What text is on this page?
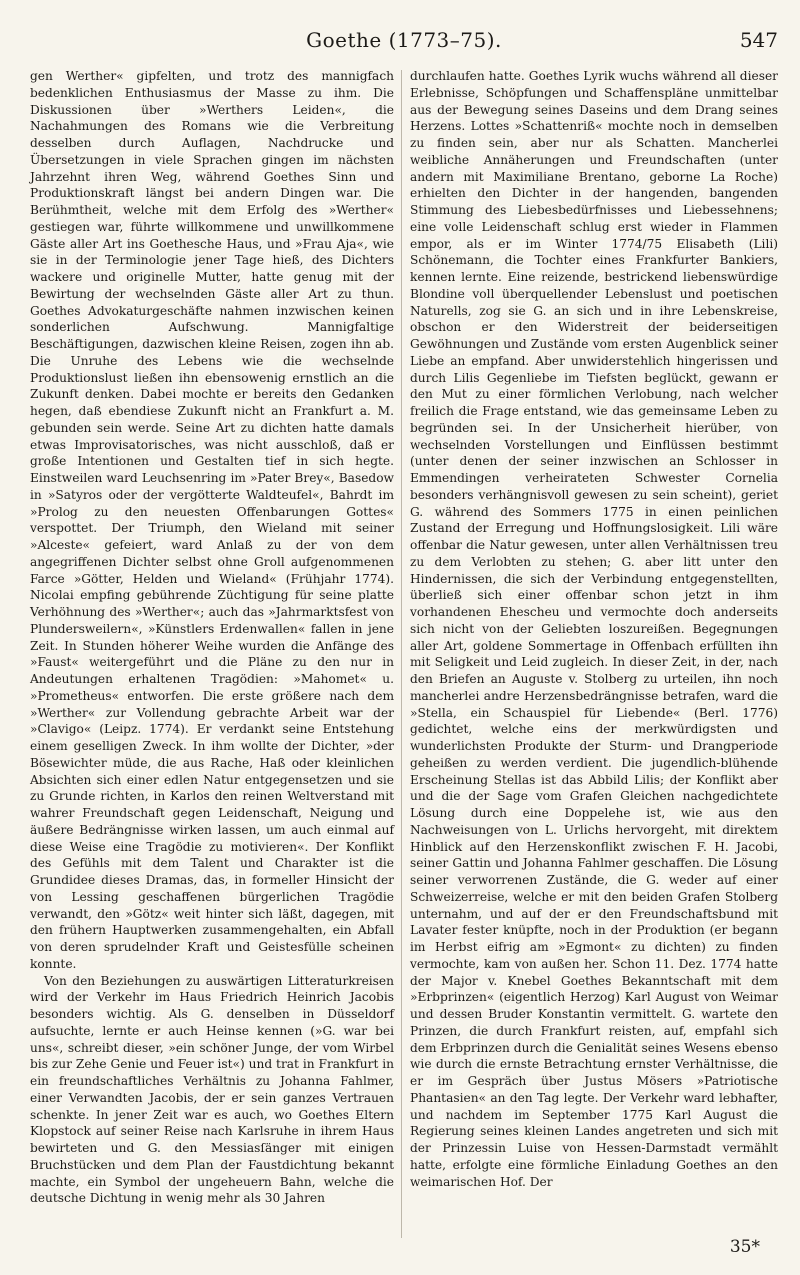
Goethe (1773–75).	547

gen Werther« gipfelten, und trotz des mannigfach bedenklichen Enthusiasmus der Masse zu ihm. Die Diskussionen über »Werthers Leiden«, die Nachahmungen des Romans wie die Verbreitung desselben durch Auflagen, Nachdrucke und Übersetzungen in viele Sprachen gingen im nächsten Jahrzehnt ihren Weg, während Goethes Sinn und Produktionskraft längst bei andern Dingen war. Die Berühmtheit, welche mit dem Erfolg des »Werther« gestiegen war, führte willkommene und unwillkommene Gäste aller Art ins Goethesche Haus, und »Frau Aja«, wie sie in der Terminologie jener Tage hieß, des Dichters wackere und originelle Mutter, hatte genug mit der Bewirtung der wechselnden Gäste aller Art zu thun. Goethes Advokaturgeschäfte nahmen inzwischen keinen sonderlichen Aufschwung. Mannigfaltige Beschäftigungen, dazwischen kleine Reisen, zogen ihn ab. Die Unruhe des Lebens wie die wechselnde Produktionslust ließen ihn ebensowenig ernstlich an die Zukunft denken. Dabei mochte er bereits den Gedanken hegen, daß ebendiese Zukunft nicht an Frankfurt a. M. gebunden sein werde. Seine Art zu dichten hatte damals etwas Improvisatorisches, was nicht ausschloß, daß er große Intentionen und Gestalten tief in sich hegte. Einstweilen ward Leuchsenring im »Pater Brey«, Basedow in »Satyros oder der vergötterte Waldteufel«, Bahrdt im »Prolog zu den neuesten Offenbarungen Gottes« verspottet. Der Triumph, den Wieland mit seiner »Alceste« gefeiert, ward Anlaß zu der von dem angegriffenen Dichter selbst ohne Groll aufgenommenen Farce »Götter, Helden und Wieland« (Frühjahr 1774). Nicolai empfing gebührende Züchtigung für seine platte Verhöhnung des »Werther«; auch das »Jahrmarktsfest von Plundersweilern«, »Künstlers Erdenwallen« fallen in jene Zeit. In Stunden höherer Weihe wurden die Anfänge des »Faust« weitergeführt und die Pläne zu den nur in Andeutungen erhaltenen Tragödien: »Mahomet« u. »Prometheus« entworfen. Die erste größere nach dem »Werther« zur Vollendung gebrachte Arbeit war der »Clavigo« (Leipz. 1774). Er verdankt seine Entstehung einem geselligen Zweck. In ihm wollte der Dichter, »der Bösewichter müde, die aus Rache, Haß oder kleinlichen Absichten sich einer edlen Natur entgegensetzen und sie zu Grunde richten, in Karlos den reinen Weltverstand mit wahrer Freundschaft gegen Leidenschaft, Neigung und äußere Bedrängnisse wirken lassen, um auch einmal auf diese Weise eine Tragödie zu motivieren«. Der Konflikt des Gefühls mit dem Talent und Charakter ist die Grundidee dieses Dramas, das, in formeller Hinsicht der von Lessing geschaffenen bürgerlichen Tragödie verwandt, den »Götz« weit hinter sich läßt, dagegen, mit den frühern Hauptwerken zusammengehalten, ein Abfall von deren sprudelnder Kraft und Geistesfülle scheinen konnte.

Von den Beziehungen zu auswärtigen Litteraturkreisen wird der Verkehr im Haus Friedrich Heinrich Jacobis besonders wichtig. Als G. denselben in Düsseldorf aufsuchte, lernte er auch Heinse kennen (»G. war bei uns«, schreibt dieser, »ein schöner Junge, der vom Wirbel bis zur Zehe Genie und Feuer ist«) und trat in Frankfurt in ein freundschaftliches Verhältnis zu Johanna Fahlmer, einer Verwandten Jacobis, der er sein ganzes Vertrauen schenkte. In jener Zeit war es auch, wo Goethes Eltern Klopstock auf seiner Reise nach Karlsruhe in ihrem Haus bewirteten und G. den Messiasſänger mit einigen Bruchstücken und dem Plan der Faustdichtung bekannt machte, ein Symbol der ungeheuern Bahn, welche die deutsche Dichtung in wenig mehr als 30 Jahren

durchlaufen hatte. Goethes Lyrik wuchs während all dieser Erlebnisse, Schöpfungen und Schaffenspläne unmittelbar aus der Bewegung seines Daseins und dem Drang seines Herzens. Lottes »Schattenriß« mochte noch in demselben zu finden sein, aber nur als Schatten. Mancherlei weibliche Annäherungen und Freundschaften (unter andern mit Maximiliane Brentano, geborne La Roche) erhielten den Dichter in der hangenden, bangenden Stimmung des Liebesbedürfnisses und Liebessehnens; eine volle Leidenschaft schlug erst wieder in Flammen empor, als er im Winter 1774/75 Elisabeth (Lili) Schönemann, die Tochter eines Frankfurter Bankiers, kennen lernte. Eine reizende, bestrickend liebenswürdige Blondine voll überquellender Lebenslust und poetischen Naturells, zog sie G. an sich und in ihre Lebenskreise, obschon er den Widerstreit der beiderseitigen Gewöhnungen und Zustände vom ersten Augenblick seiner Liebe an empfand. Aber unwiderstehlich hingerissen und durch Lilis Gegenliebe im Tiefsten beglückt, gewann er den Mut zu einer förmlichen Verlobung, nach welcher freilich die Frage entstand, wie das gemeinsame Leben zu begründen sei. In der Unsicherheit hierüber, von wechselnden Vorstellungen und Einflüssen bestimmt (unter denen der seiner inzwischen an Schlosser in Emmendingen verheirateten Schwester Cornelia besonders verhängnisvoll gewesen zu sein scheint), geriet G. während des Sommers 1775 in einen peinlichen Zustand der Erregung und Hoffnungslosigkeit. Lili wäre offenbar die Natur gewesen, unter allen Verhältnissen treu zu dem Verlobten zu stehen; G. aber litt unter den Hindernissen, die sich der Verbindung entgegenstellten, überließ sich einer offenbar schon jetzt in ihm vorhandenen Ehescheu und vermochte doch anderseits sich nicht von der Geliebten loszureißen. Begegnungen aller Art, goldene Sommertage in Offenbach erfüllten ihn mit Seligkeit und Leid zugleich. In dieser Zeit, in der, nach den Briefen an Auguste v. Stolberg zu urteilen, ihn noch mancherlei andre Herzensbedrängnisse betrafen, ward die »Stella, ein Schauspiel für Liebende« (Berl. 1776) gedichtet, welche eins der merkwürdigsten und wunderlichsten Produkte der Sturm- und Drangperiode geheißen zu werden verdient. Die jugendlich-blühende Erscheinung Stellas ist das Abbild Lilis; der Konflikt aber und die der Sage vom Grafen Gleichen nachgedichtete Lösung durch eine Doppelehe ist, wie aus den Nachweisungen von L. Urlichs hervorgeht, mit direktem Hinblick auf den Herzenskonflikt zwischen F. H. Jacobi, seiner Gattin und Johanna Fahlmer geschaffen. Die Lösung seiner verworrenen Zustände, die G. weder auf einer Schweizerreise, welche er mit den beiden Grafen Stolberg unternahm, und auf der er den Freundschaftsbund mit Lavater fester knüpfte, noch in der Produktion (er begann im Herbst eifrig am »Egmont« zu dichten) zu finden vermochte, kam von außen her. Schon 11. Dez. 1774 hatte der Major v. Knebel Goethes Bekanntschaft mit dem »Erbprinzen« (eigentlich Herzog) Karl August von Weimar und dessen Bruder Konstantin vermittelt. G. wartete den Prinzen, die durch Frankfurt reisten, auf, empfahl sich dem Erbprinzen durch die Genialität seines Wesens ebenso wie durch die ernste Betrachtung ernster Verhältnisse, die er im Gespräch über Justus Mösers »Patriotische Phantasien« an den Tag legte. Der Verkehr ward lebhafter, und nachdem im September 1775 Karl August die Regierung seines kleinen Landes angetreten und sich mit der Prinzessin Luise von Hessen-Darmstadt vermählt hatte, erfolgte eine förmliche Einladung Goethes an den weimarischen Hof. Der

35*
